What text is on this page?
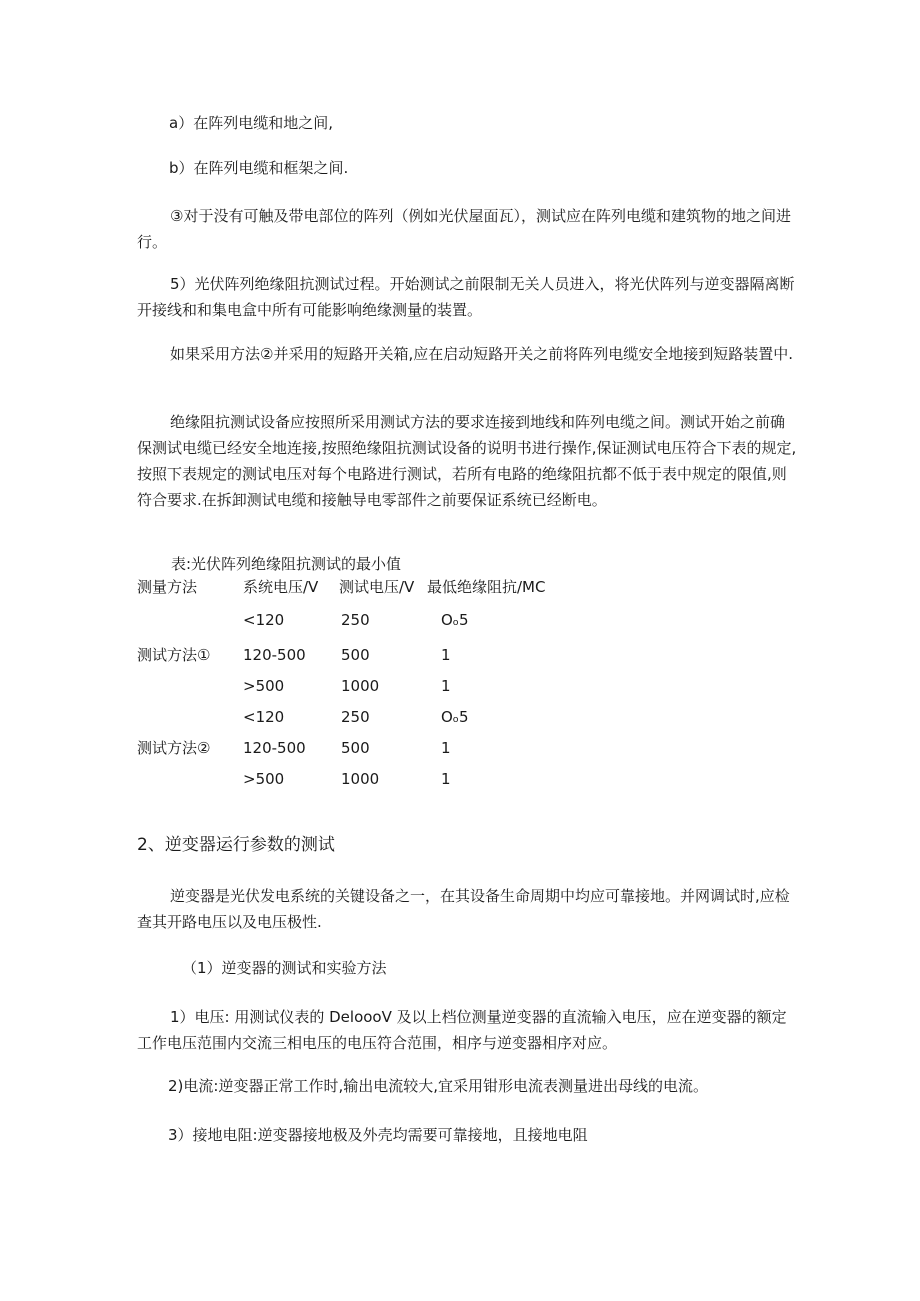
a）在阵列电缆和地之间,
b）在阵列电缆和框架之间.
③对于没有可触及带电部位的阵列（例如光伏屋面瓦），测试应在阵列电缆和建筑物的地之间进行。
5）光伏阵列绝缘阻抗测试过程。开始测试之前限制无关人员进入，将光伏阵列与逆变器隔离断开接线和和集电盒中所有可能影响绝缘测量的装置。
如果采用方法②并采用的短路开关箱,应在启动短路开关之前将阵列电缆安全地接到短路装置中.
绝缘阻抗测试设备应按照所采用测试方法的要求连接到地线和阵列电缆之间。测试开始之前确保测试电缆已经安全地连接,按照绝缘阻抗测试设备的说明书进行操作,保证测试电压符合下表的规定,按照下表规定的测试电压对每个电路进行测试，若所有电路的绝缘阻抗都不低于表中规定的限值,则符合要求.在拆卸测试电缆和接触导电零部件之前要保证系统已经断电。
表:光伏阵列绝缘阻抗测试的最小值
测量方法	系统电压/V 测试电压/V 最低绝缘阻抗/MC
测试方法①
<120	250	Oₒ5
120-500 500	1
>500	1000	1
测试方法②
<120	250	Oₒ5
120-500 500	1
>500	1000	1
2、逆变器运行参数的测试
逆变器是光伏发电系统的关键设备之一，在其设备生命周期中均应可靠接地。并网调试时,应检查其开路电压以及电压极性.
（1）逆变器的测试和实验方法
1）电压: 用测试仪表的 DelooоV 及以上档位测量逆变器的直流输入电压，应在逆变器的额定工作电压范围内交流三相电压的电压符合范围，相序与逆变器相序对应。
2)电流:逆变器正常工作时,输出电流较大,宜采用钳形电流表测量进出母线的电流。
3）接地电阻:逆变器接地极及外壳均需要可靠接地，且接地电阻
